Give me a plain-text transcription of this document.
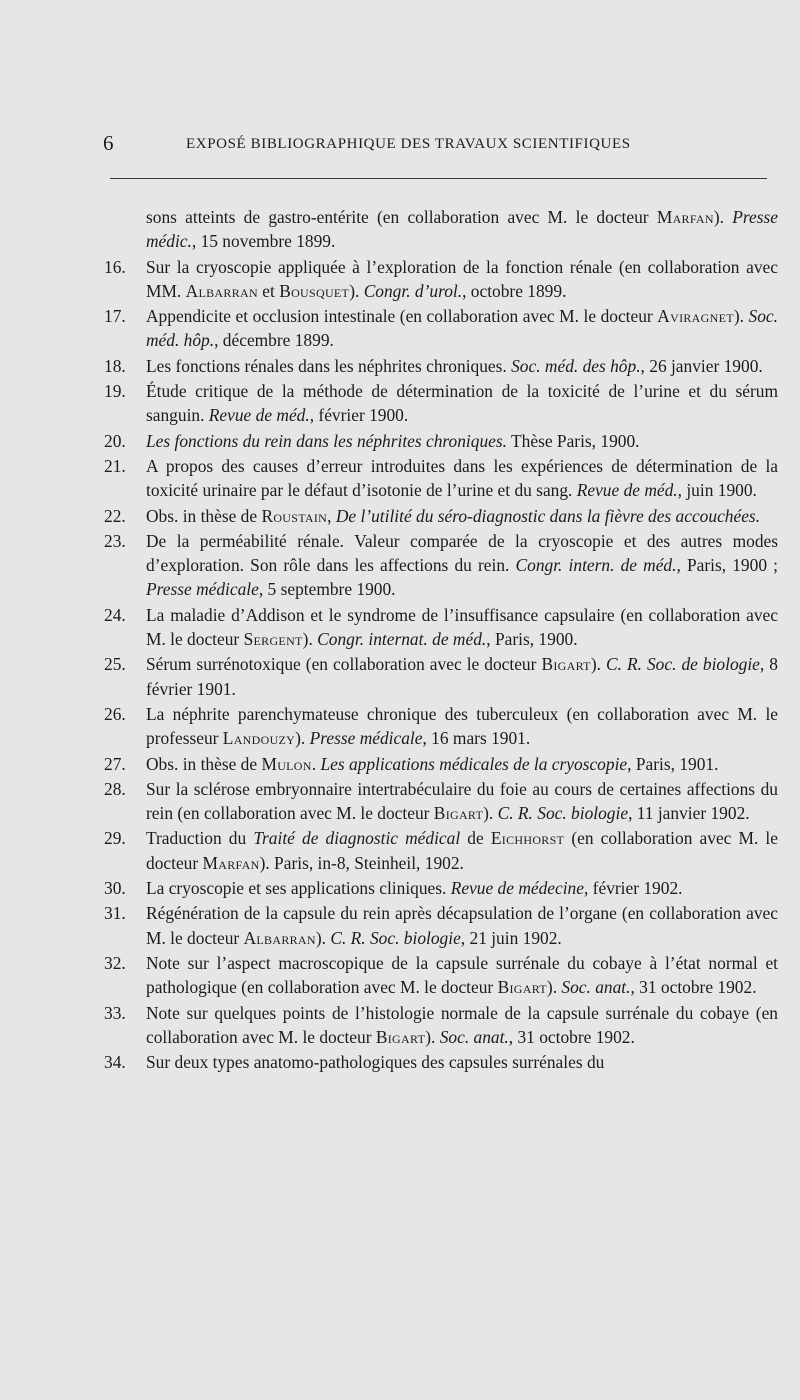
6	EXPOSÉ BIBLIOGRAPHIQUE DES TRAVAUX SCIENTIFIQUES
sons atteints de gastro-entérite (en collaboration avec M. le docteur Marfan). Presse médic., 15 novembre 1899.
16.	Sur la cryoscopie appliquée à l’exploration de la fonction rénale (en collaboration avec MM. Albarran et Bousquet). Congr. d’urol., octobre 1899.
17.	Appendicite et occlusion intestinale (en collaboration avec M. le docteur Aviragnet). Soc. méd. hôp., décembre 1899.
18.	Les fonctions rénales dans les néphrites chroniques. Soc. méd. des hôp., 26 janvier 1900.
19.	Étude critique de la méthode de détermination de la toxicité de l’urine et du sérum sanguin. Revue de méd., février 1900.
20.	Les fonctions du rein dans les néphrites chroniques. Thèse Paris, 1900.
21.	A propos des causes d’erreur introduites dans les expériences de détermination de la toxicité urinaire par le défaut d’isotonie de l’urine et du sang. Revue de méd., juin 1900.
22.	Obs. in thèse de Roustain, De l’utilité du séro-diagnostic dans la fièvre des accouchées.
23.	De la perméabilité rénale. Valeur comparée de la cryoscopie et des autres modes d’exploration. Son rôle dans les affections du rein. Congr. intern. de méd., Paris, 1900 ; Presse médicale, 5 septembre 1900.
24.	La maladie d’Addison et le syndrome de l’insuffisance capsulaire (en collaboration avec M. le docteur Sergent). Congr. internat. de méd., Paris, 1900.
25.	Sérum surrénotoxique (en collaboration avec le docteur Bigart). C. R. Soc. de biologie, 8 février 1901.
26.	La néphrite parenchymateuse chronique des tuberculeux (en collaboration avec M. le professeur Landouzy). Presse médicale, 16 mars 1901.
27.	Obs. in thèse de Mulon. Les applications médicales de la cryoscopie, Paris, 1901.
28.	Sur la sclérose embryonnaire intertrabéculaire du foie au cours de certaines affections du rein (en collaboration avec M. le docteur Bigart). C. R. Soc. biologie, 11 janvier 1902.
29.	Traduction du Traité de diagnostic médical de Eichhorst (en collaboration avec M. le docteur Marfan). Paris, in-8, Steinheil, 1902.
30.	La cryoscopie et ses applications cliniques. Revue de médecine, février 1902.
31.	Régénération de la capsule du rein après décapsulation de l’organe (en collaboration avec M. le docteur Albarran). C. R. Soc. biologie, 21 juin 1902.
32.	Note sur l’aspect macroscopique de la capsule surrénale du cobaye à l’état normal et pathologique (en collaboration avec M. le docteur Bigart). Soc. anat., 31 octobre 1902.
33.	Note sur quelques points de l’histologie normale de la capsule surrénale du cobaye (en collaboration avec M. le docteur Bigart). Soc. anat., 31 octobre 1902.
34.	Sur deux types anatomo-pathologiques des capsules surrénales du
